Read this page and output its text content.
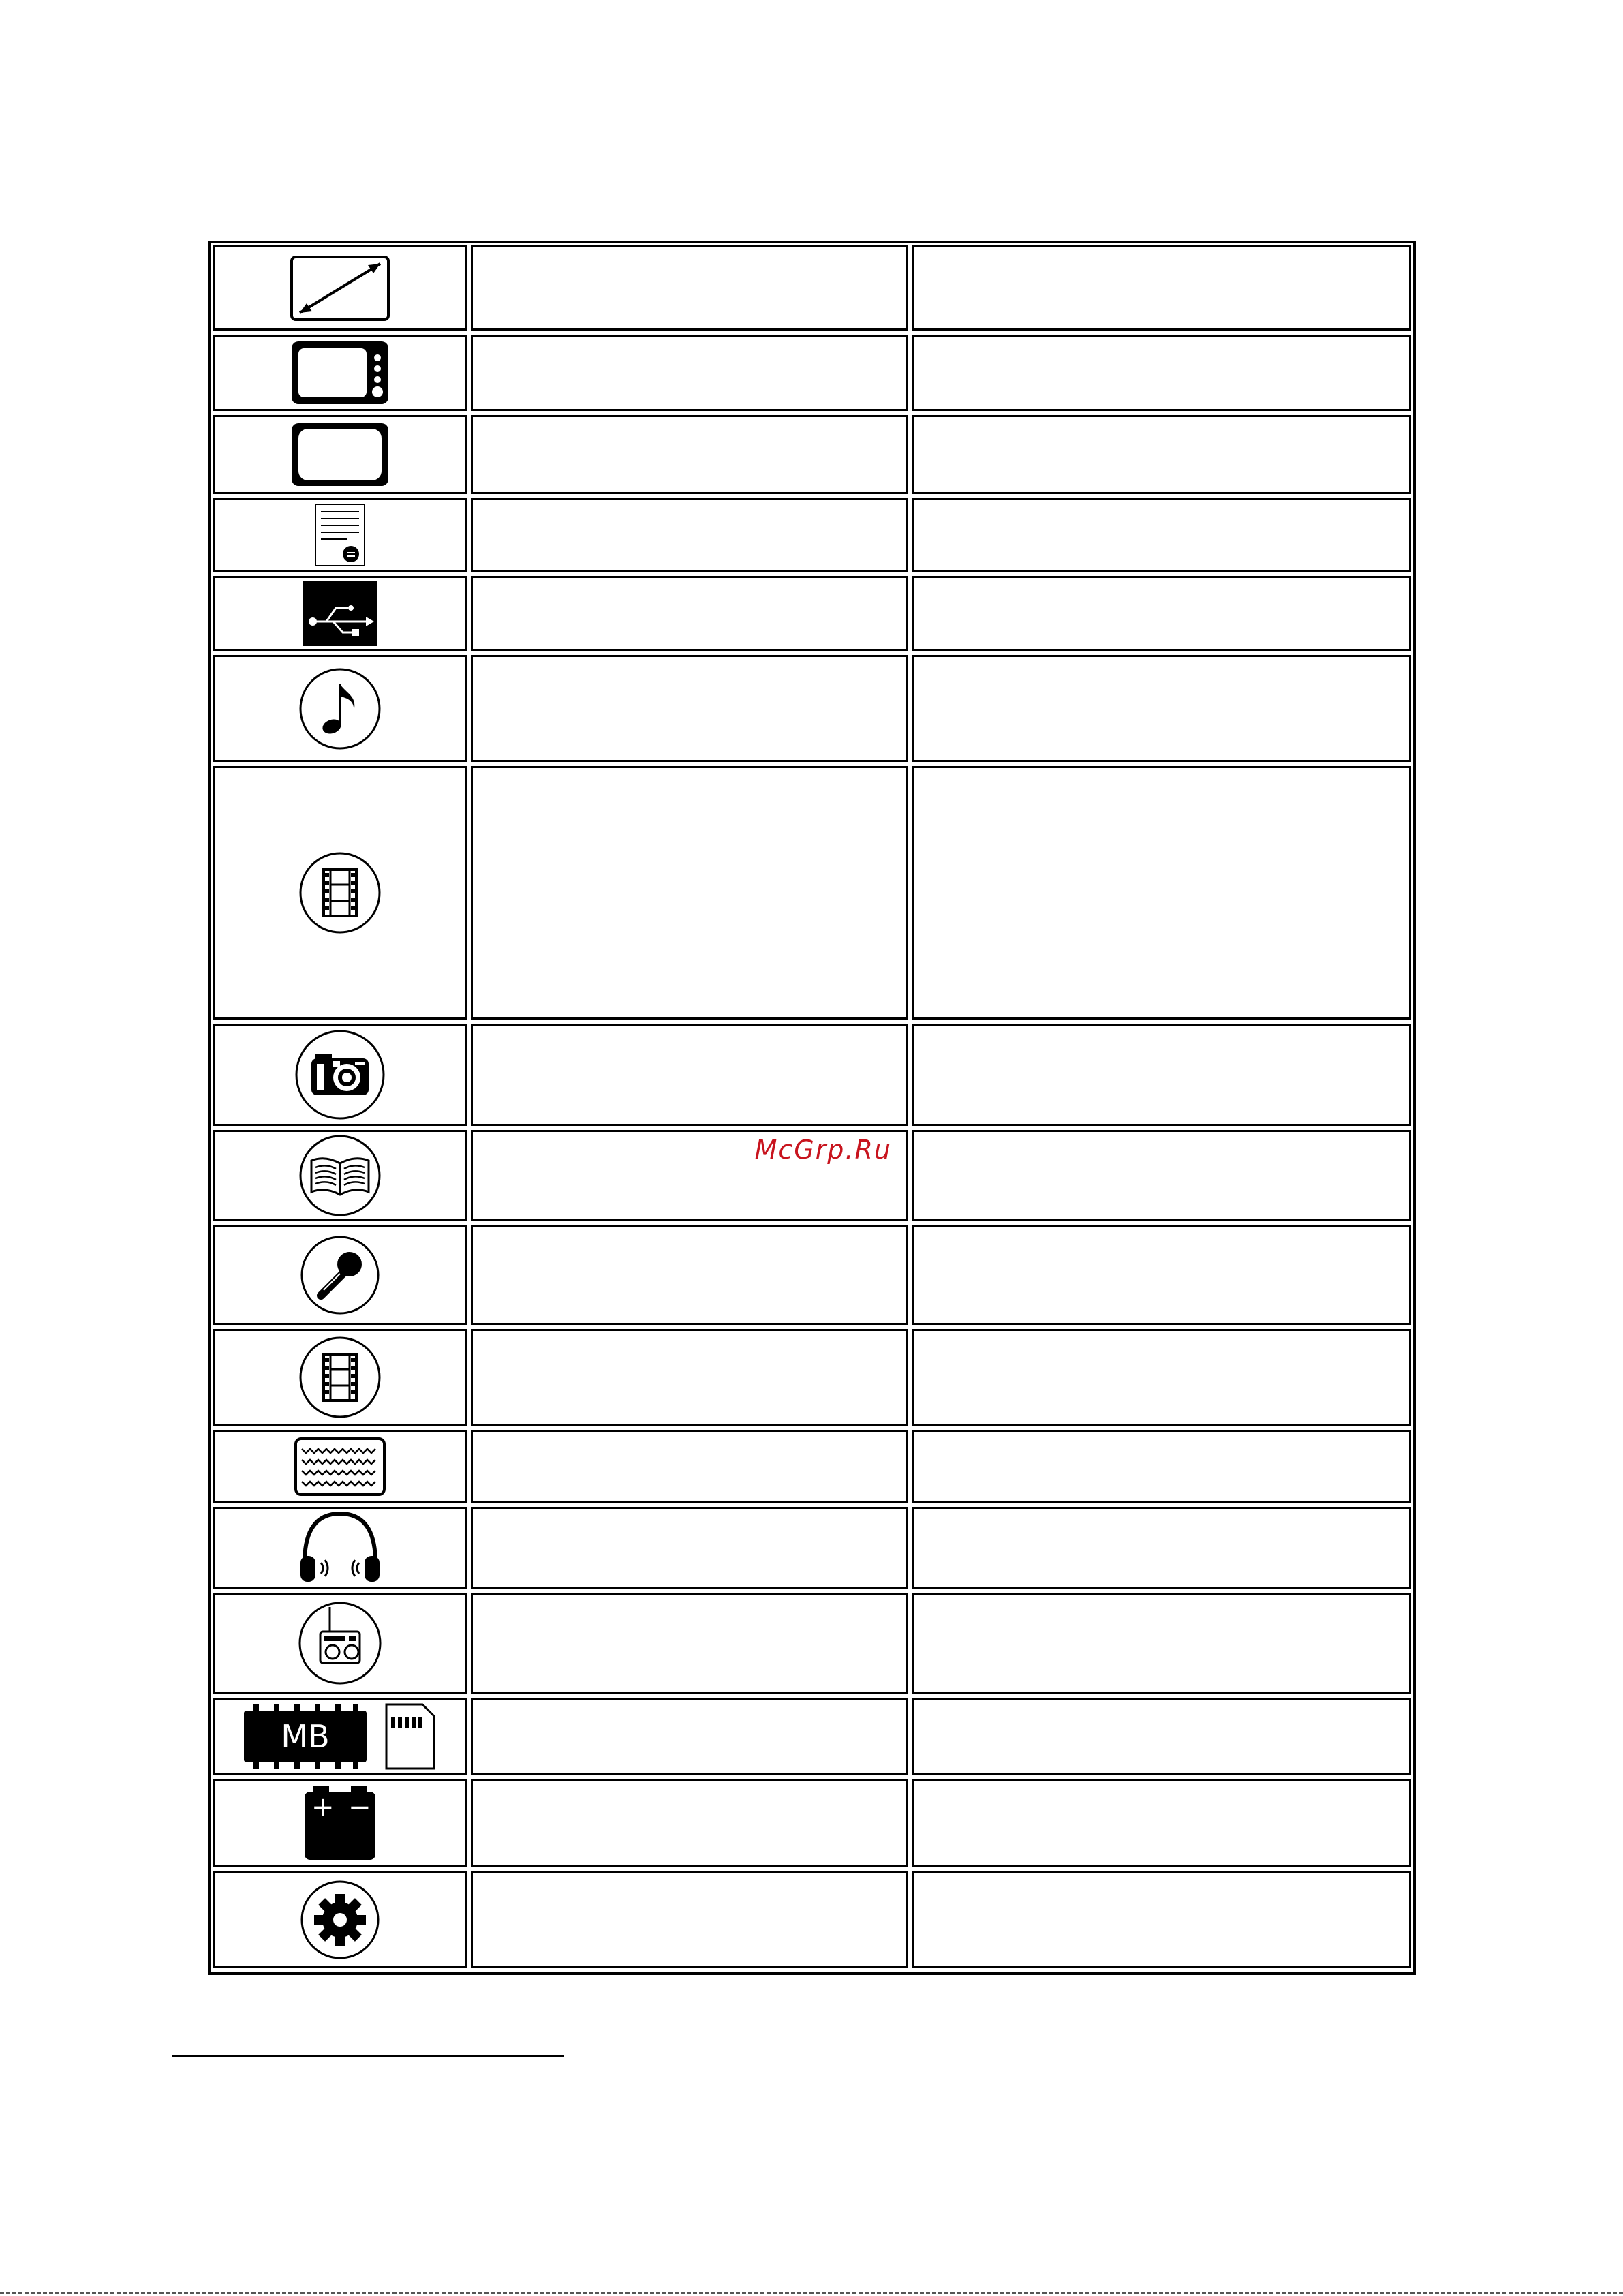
McGrp.Ru
MB
+ −
